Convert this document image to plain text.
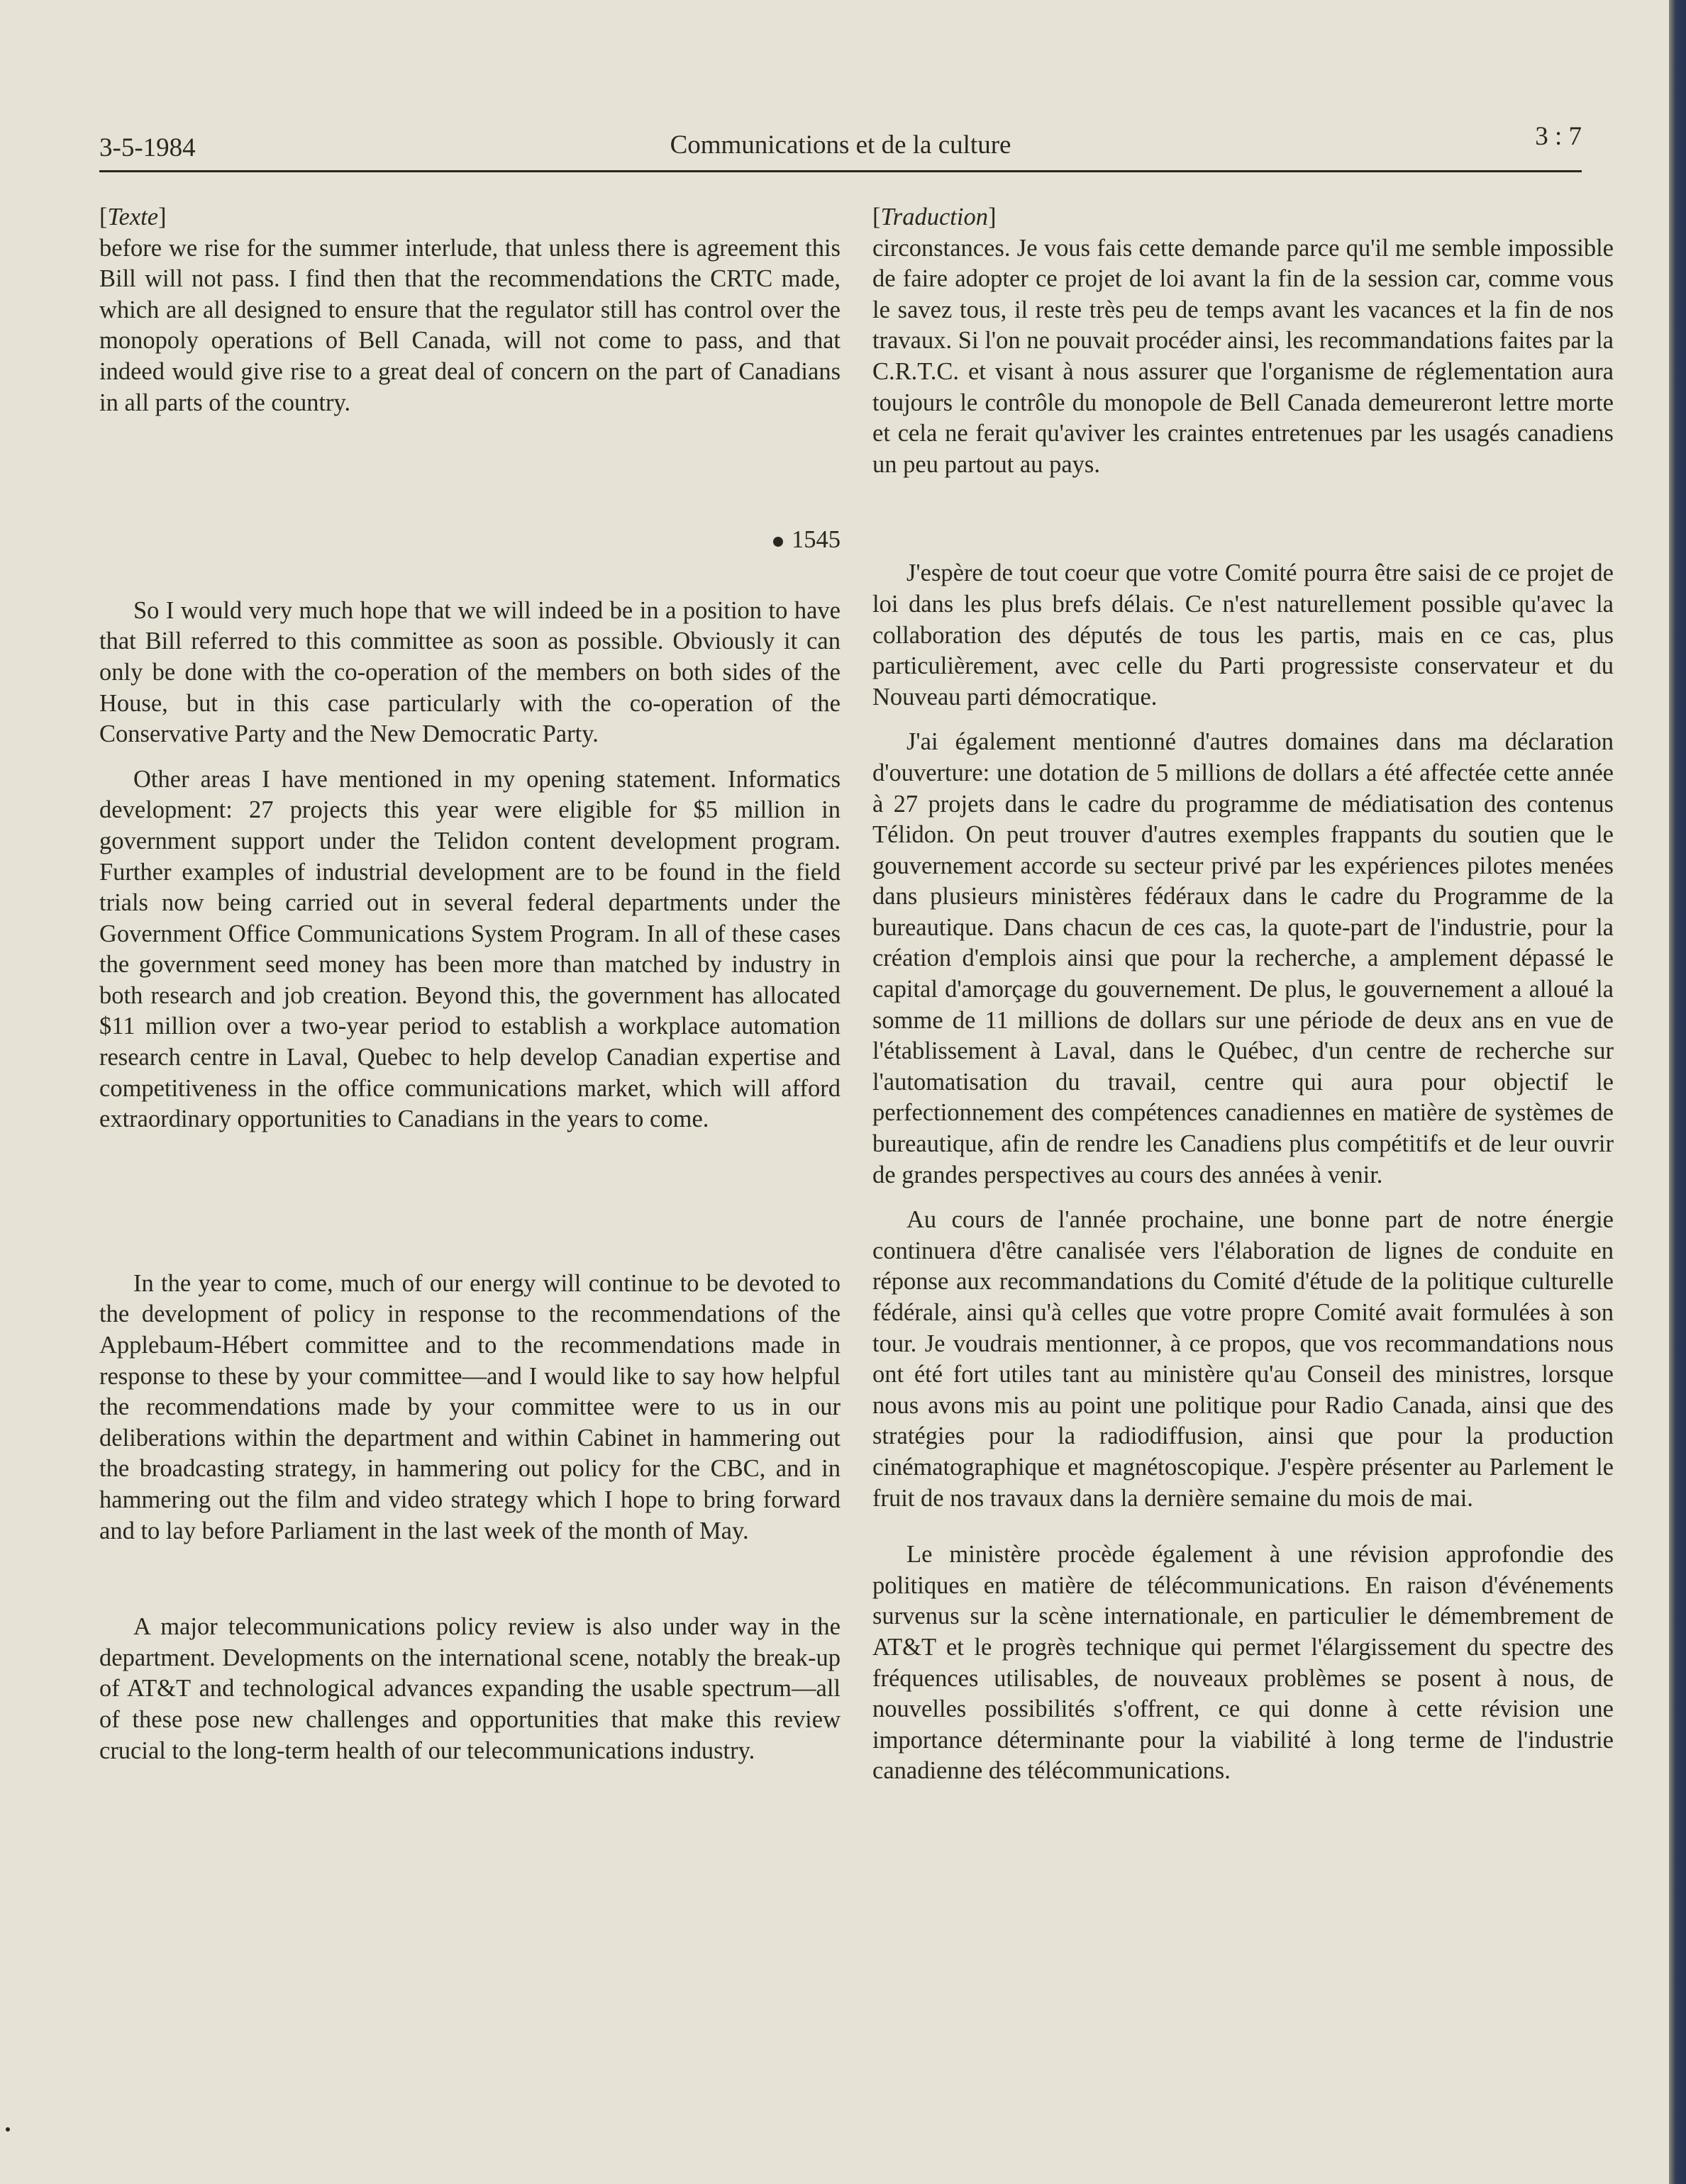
3-5-1984	Communications et de la culture	3 : 7

[Texte]

before we rise for the summer interlude, that unless there is agreement this Bill will not pass. I find then that the recommendations the CRTC made, which are all designed to ensure that the regulator still has control over the monopoly operations of Bell Canada, will not come to pass, and that indeed would give rise to a great deal of concern on the part of Canadians in all parts of the country.

1545

So I would very much hope that we will indeed be in a position to have that Bill referred to this committee as soon as possible. Obviously it can only be done with the co-operation of the members on both sides of the House, but in this case particularly with the co-operation of the Conservative Party and the New Democratic Party.

Other areas I have mentioned in my opening statement. Informatics development: 27 projects this year were eligible for $5 million in government support under the Telidon content development program. Further examples of industrial development are to be found in the field trials now being carried out in several federal departments under the Government Office Communications System Program. In all of these cases the government seed money has been more than matched by industry in both research and job creation. Beyond this, the government has allocated $11 million over a two-year period to establish a workplace automation research centre in Laval, Quebec to help develop Canadian expertise and competitiveness in the office communications market, which will afford extraordinary opportunities to Canadians in the years to come.

In the year to come, much of our energy will continue to be devoted to the development of policy in response to the recommendations of the Applebaum-Hébert committee and to the recommendations made in response to these by your committee—and I would like to say how helpful the recommendations made by your committee were to us in our deliberations within the department and within Cabinet in hammering out the broadcasting strategy, in hammering out policy for the CBC, and in hammering out the film and video strategy which I hope to bring forward and to lay before Parliament in the last week of the month of May.

A major telecommunications policy review is also under way in the department. Developments on the international scene, notably the break-up of AT&T and technological advances expanding the usable spectrum—all of these pose new challenges and opportunities that make this review crucial to the long-term health of our telecommunications industry.

[Traduction]

circonstances. Je vous fais cette demande parce qu'il me semble impossible de faire adopter ce projet de loi avant la fin de la session car, comme vous le savez tous, il reste très peu de temps avant les vacances et la fin de nos travaux. Si l'on ne pouvait procéder ainsi, les recommandations faites par la C.R.T.C. et visant à nous assurer que l'organisme de réglementation aura toujours le contrôle du monopole de Bell Canada demeureront lettre morte et cela ne ferait qu'aviver les craintes entretenues par les usagés canadiens un peu partout au pays.

J'espère de tout coeur que votre Comité pourra être saisi de ce projet de loi dans les plus brefs délais. Ce n'est naturellement possible qu'avec la collaboration des députés de tous les partis, mais en ce cas, plus particulièrement, avec celle du Parti progressiste conservateur et du Nouveau parti démocratique.

J'ai également mentionné d'autres domaines dans ma déclaration d'ouverture: une dotation de 5 millions de dollars a été affectée cette année à 27 projets dans le cadre du programme de médiatisation des contenus Télidon. On peut trouver d'autres exemples frappants du soutien que le gouvernement accorde su secteur privé par les expériences pilotes menées dans plusieurs ministères fédéraux dans le cadre du Programme de la bureautique. Dans chacun de ces cas, la quote-part de l'industrie, pour la création d'emplois ainsi que pour la recherche, a amplement dépassé le capital d'amorçage du gouvernement. De plus, le gouvernement a alloué la somme de 11 millions de dollars sur une période de deux ans en vue de l'établissement à Laval, dans le Québec, d'un centre de recherche sur l'automatisation du travail, centre qui aura pour objectif le perfectionnement des compétences canadiennes en matière de systèmes de bureautique, afin de rendre les Canadiens plus compétitifs et de leur ouvrir de grandes perspectives au cours des années à venir.

Au cours de l'année prochaine, une bonne part de notre énergie continuera d'être canalisée vers l'élaboration de lignes de conduite en réponse aux recommandations du Comité d'étude de la politique culturelle fédérale, ainsi qu'à celles que votre propre Comité avait formulées à son tour. Je voudrais mentionner, à ce propos, que vos recommandations nous ont été fort utiles tant au ministère qu'au Conseil des ministres, lorsque nous avons mis au point une politique pour Radio Canada, ainsi que des stratégies pour la radiodiffusion, ainsi que pour la production cinématographique et magnétoscopique. J'espère présenter au Parlement le fruit de nos travaux dans la dernière semaine du mois de mai.

Le ministère procède également à une révision approfondie des politiques en matière de télécommunications. En raison d'événements survenus sur la scène internationale, en particulier le démembrement de AT&T et le progrès technique qui permet l'élargissement du spectre des fréquences utilisables, de nouveaux problèmes se posent à nous, de nouvelles possibilités s'offrent, ce qui donne à cette révision une importance déterminante pour la viabilité à long terme de l'industrie canadienne des télécommunications.
